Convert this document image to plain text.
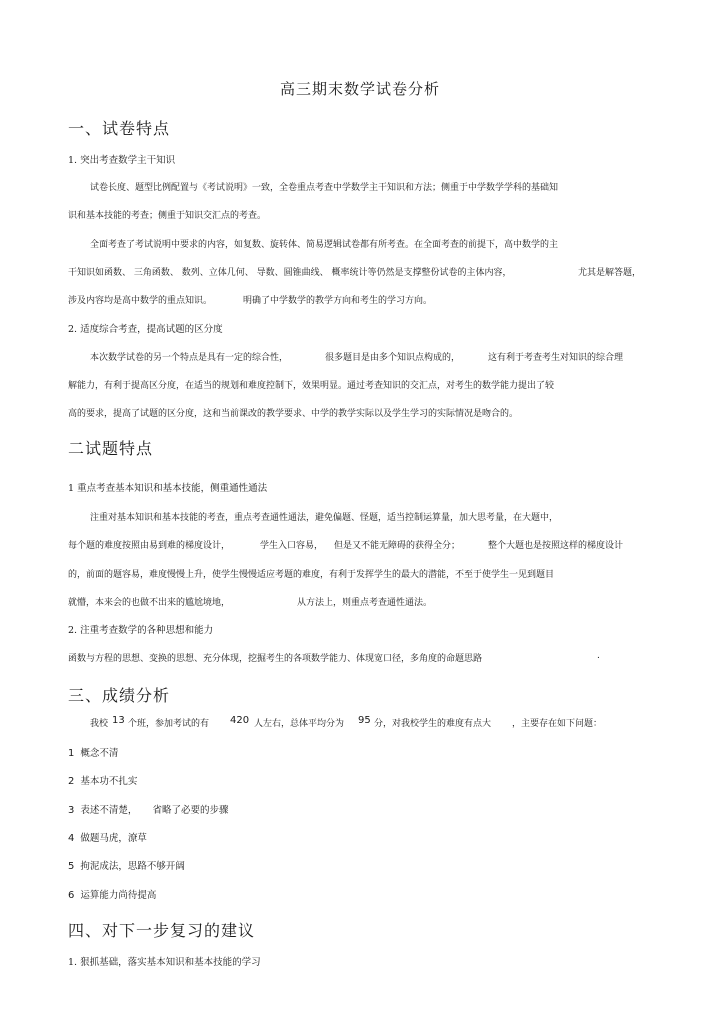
高三期末数学试卷分析
一、试卷特点
1. 突出考查数学主干知识
试卷长度、题型比例配置与《考试说明》一致，全卷重点考查中学数学主干知识和方法；侧重于中学数学学科的基础知
识和基本技能的考查；侧重于知识交汇点的考查。
全面考查了考试说明中要求的内容，如复数、旋转体、简易逻辑试卷都有所考查。在全面考查的前提下，高中数学的主
干知识如函数、 三角函数、 数列、立体几何、 导数、圆锥曲线、 概率统计等仍然是支撑整份试卷的主体内容，	尤其是解答题，
涉及内容均是高中数学的重点知识。	明确了中学数学的教学方向和考生的学习方向。
2. 适度综合考查，提高试题的区分度
本次数学试卷的另一个特点是具有一定的综合性，	很多题目是由多个知识点构成的，	这有利于考查考生对知识的综合理
解能力，有利于提高区分度，在适当的规划和难度控制下，效果明显。通过考查知识的交汇点，对考生的数学能力提出了较
高的要求，提高了试题的区分度，这和当前课改的教学要求、中学的教学实际以及学生学习的实际情况是吻合的。
二试题特点
1 重点考查基本知识和基本技能，侧重通性通法
注重对基本知识和基本技能的考查，重点考查通性通法，避免偏题、怪题，适当控制运算量，加大思考量，在大题中，
每个题的难度按照由易到难的梯度设计，	学生入口容易， 但是又不能无障碍的获得全分；	整个大题也是按照这样的梯度设计
的，前面的题容易，难度慢慢上升，使学生慢慢适应考题的难度，有利于发挥学生的最大的潜能，不至于使学生一见到题目
就懵，本来会的也做不出来的尴尬境地，	从方法上，则重点考查通性通法。
2. 注重考查数学的各种思想和能力
函数与方程的思想、变换的思想、充分体现，挖掘考生的各项数学能力、体现宽口径，多角度的命题思路	.
三、成绩分析
我校 13 个班，参加考试的有 420 人左右，总体平均分为 95 分，对我校学生的难度有点大 ，主要存在如下问题：
1 概念不清
2 基本功不扎实
3 表述不清楚， 省略了必要的步骤
4 做题马虎，潦草
5 拘泥成法，思路不够开阔
6 运算能力尚待提高
四、对下一步复习的建议
1. 狠抓基础，落实基本知识和基本技能的学习
